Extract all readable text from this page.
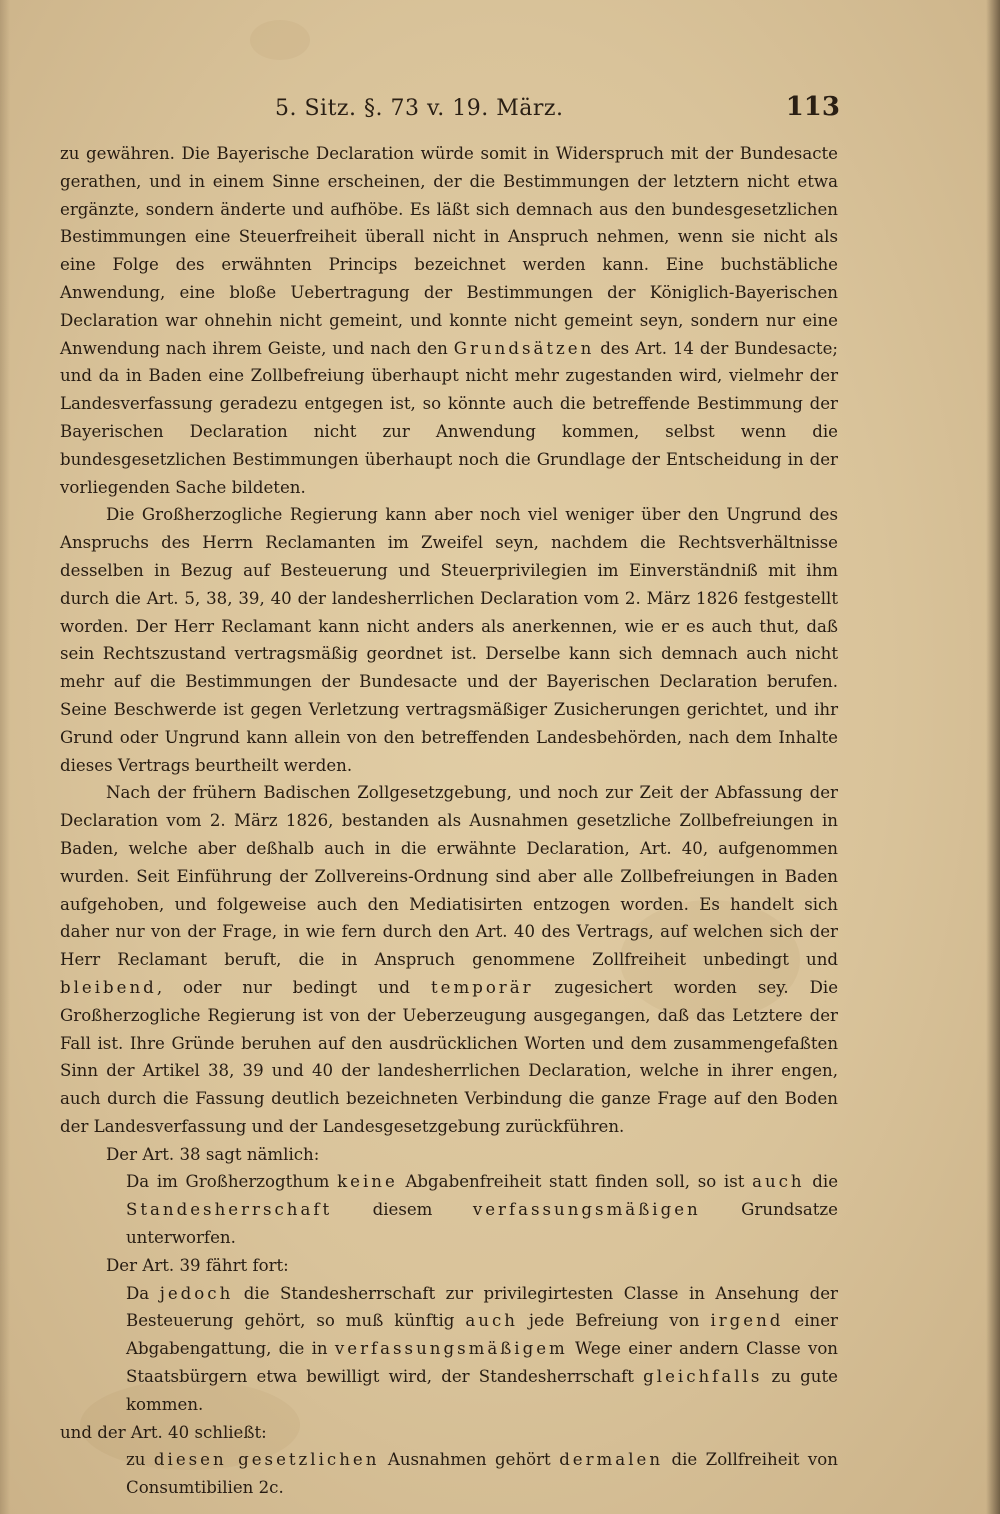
5. Sitz. §. 73 v. 19. März.	113

zu gewähren. Die Bayerische Declaration würde somit in Widerspruch mit der Bundesacte gerathen, und in einem Sinne erscheinen, der die Bestimmungen der letztern nicht etwa ergänzte, sondern änderte und aufhöbe. Es läßt sich demnach aus den bundesgesetzlichen Bestimmungen eine Steuerfreiheit überall nicht in Anspruch nehmen, wenn sie nicht als eine Folge des erwähnten Princips bezeichnet werden kann. Eine buchstäbliche Anwendung, eine bloße Uebertragung der Bestimmungen der Königlich-Bayerischen Declaration war ohnehin nicht gemeint, und konnte nicht gemeint seyn, sondern nur eine Anwendung nach ihrem Geiste, und nach den Grundsätzen des Art. 14 der Bundesacte; und da in Baden eine Zollbefreiung überhaupt nicht mehr zugestanden wird, vielmehr der Landesverfassung geradezu entgegen ist, so könnte auch die betreffende Bestimmung der Bayerischen Declaration nicht zur Anwendung kommen, selbst wenn die bundesgesetzlichen Bestimmungen überhaupt noch die Grundlage der Entscheidung in der vorliegenden Sache bildeten.

Die Großherzogliche Regierung kann aber noch viel weniger über den Ungrund des Anspruchs des Herrn Reclamanten im Zweifel seyn, nachdem die Rechtsverhältnisse desselben in Bezug auf Besteuerung und Steuerprivilegien im Einverständniß mit ihm durch die Art. 5, 38, 39, 40 der landesherrlichen Declaration vom 2. März 1826 festgestellt worden. Der Herr Reclamant kann nicht anders als anerkennen, wie er es auch thut, daß sein Rechtszustand vertragsmäßig geordnet ist. Derselbe kann sich demnach auch nicht mehr auf die Bestimmungen der Bundesacte und der Bayerischen Declaration berufen. Seine Beschwerde ist gegen Verletzung vertragsmäßiger Zusicherungen gerichtet, und ihr Grund oder Ungrund kann allein von den betreffenden Landesbehörden, nach dem Inhalte dieses Vertrags beurtheilt werden.

Nach der frühern Badischen Zollgesetzgebung, und noch zur Zeit der Abfassung der Declaration vom 2. März 1826, bestanden als Ausnahmen gesetzliche Zollbefreiungen in Baden, welche aber deßhalb auch in die erwähnte Declaration, Art. 40, aufgenommen wurden. Seit Einführung der Zollvereins-Ordnung sind aber alle Zollbefreiungen in Baden aufgehoben, und folgeweise auch den Mediatisirten entzogen worden. Es handelt sich daher nur von der Frage, in wie fern durch den Art. 40 des Vertrags, auf welchen sich der Herr Reclamant beruft, die in Anspruch genommene Zollfreiheit unbedingt und bleibend, oder nur bedingt und temporär zugesichert worden sey. Die Großherzogliche Regierung ist von der Ueberzeugung ausgegangen, daß das Letztere der Fall ist. Ihre Gründe beruhen auf den ausdrücklichen Worten und dem zusammengefaßten Sinn der Artikel 38, 39 und 40 der landesherrlichen Declaration, welche in ihrer engen, auch durch die Fassung deutlich bezeichneten Verbindung die ganze Frage auf den Boden der Landesverfassung und der Landesgesetzgebung zurückführen.

Der Art. 38 sagt nämlich:

Da im Großherzogthum keine Abgabenfreiheit statt finden soll, so ist auch die Standesherrschaft diesem verfassungsmäßigen Grundsatze unterworfen.

Der Art. 39 fährt fort:

Da jedoch die Standesherrschaft zur privilegirtesten Classe in Ansehung der Besteuerung gehört, so muß künftig auch jede Befreiung von irgend einer Abgabengattung, die in verfassungsmäßigem Wege einer andern Classe von Staatsbürgern etwa bewilligt wird, der Standesherrschaft gleichfalls zu gute kommen.

und der Art. 40 schließt:

zu diesen gesetzlichen Ausnahmen gehört dermalen die Zollfreiheit von Consumtibilien 2c.
